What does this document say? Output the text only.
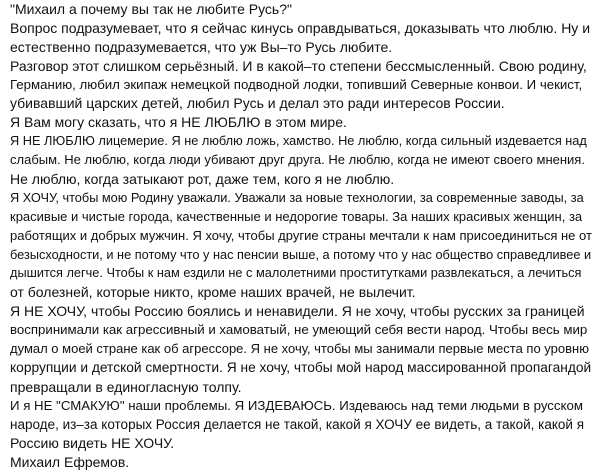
"Михаил а почему вы так не любите Русь?"
Вопрос подразумевает, что я сейчас кинусь оправдываться, доказывать что люблю. Ну и
естественно подразумевается, что уж Вы–то Русь любите.
Разговор этот слишком серьёзный. И в какой–то степени бессмысленный. Свою родину,
Германию, любил экипаж немецкой подводной лодки, топивший Северные конвои. И чекист,
убивавший царских детей, любил Русь и делал это ради интересов России.
Я Вам могу сказать, что я НЕ ЛЮБЛЮ в этом мире.
Я НЕ ЛЮБЛЮ лицемерие. Я не люблю ложь, хамство. Не люблю, когда сильный издевается над
слабым. Не люблю, когда люди убивают друг друга. Не люблю, когда не имеют своего мнения.
Не люблю, когда затыкают рот, даже тем, кого я не люблю.
Я ХОЧУ, чтобы мою Родину уважали. Уважали за новые технологии, за современные заводы, за
красивые и чистые города, качественные и недорогие товары. За наших красивых женщин, за
работящих и добрых мужчин. Я хочу, чтобы другие страны мечтали к нам присоединиться не от
безысходности, и не потому что у нас пенсии выше, а потому что у нас общество справедливее и
дышится легче. Чтобы к нам ездили не с малолетними проститутками развлекаться, а лечиться
от болезней, которые никто, кроме наших врачей, не вылечит.
Я НЕ ХОЧУ, чтобы Россию боялись и ненавидели. Я не хочу, чтобы русских за границей
воспринимали как агрессивный и хамоватый, не умеющий себя вести народ. Чтобы весь мир
думал о моей стране как об агрессоре. Я не хочу, чтобы мы занимали первые места по уровню
коррупции и детской смертности. Я не хочу, чтобы мой народ массированной пропагандой
превращали в единогласную толпу.
И я НЕ "СМАКУЮ" наши проблемы. Я ИЗДЕВАЮСЬ. Издеваюсь над теми людьми в русском
народе, из–за которых Россия делается не такой, какой я ХОЧУ ее видеть, а такой, какой я
Россию видеть НЕ ХОЧУ.
Михаил Ефремов.
